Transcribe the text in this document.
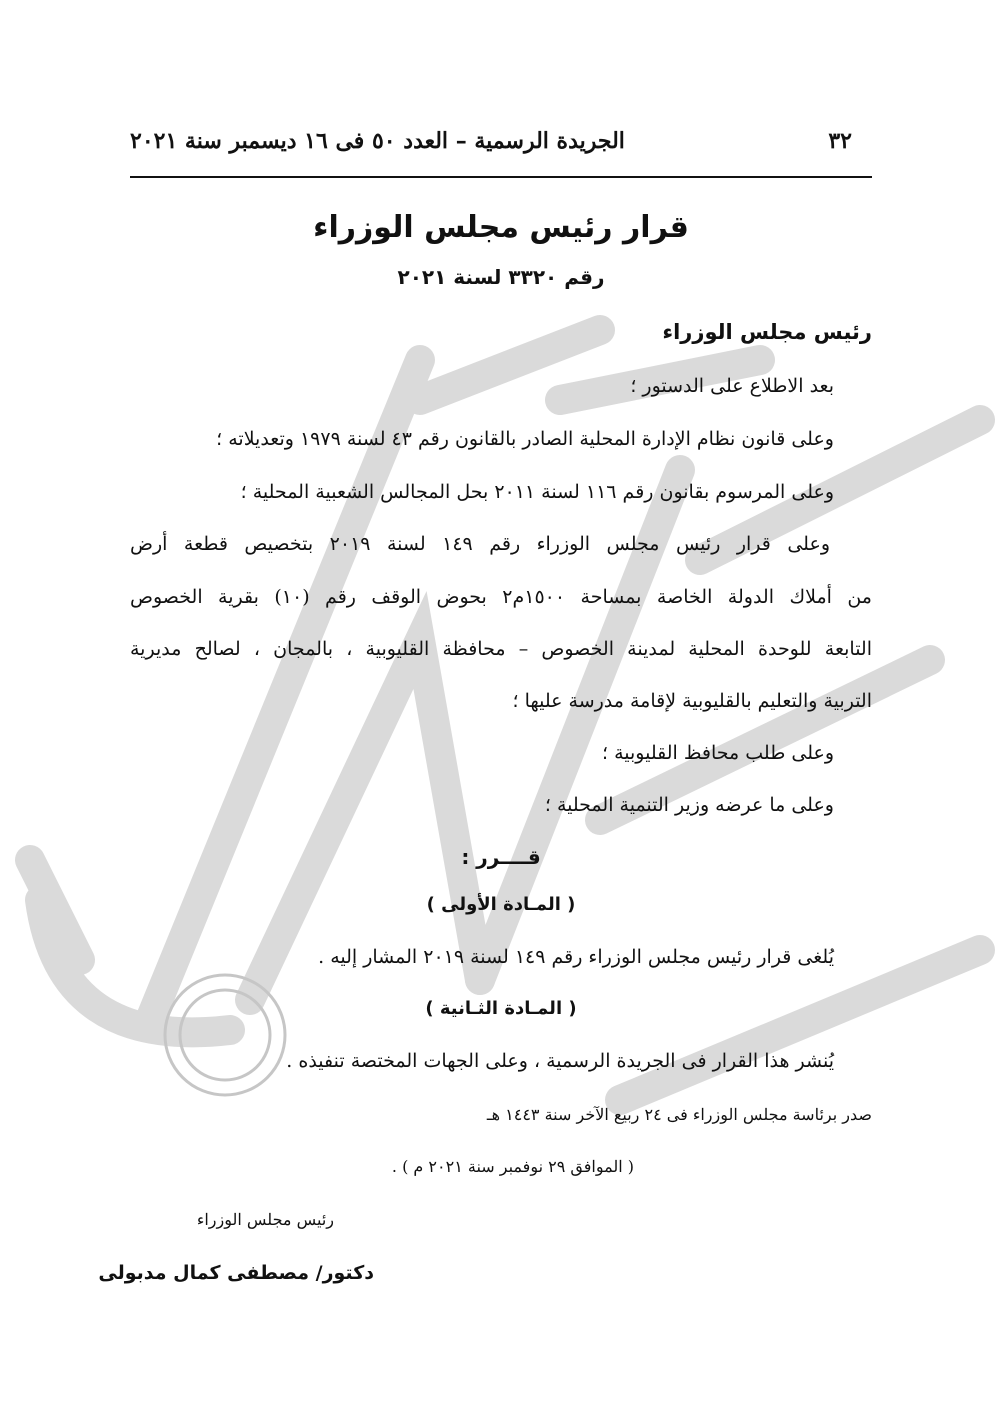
٣٢
الجريدة الرسمية – العدد ٥٠ فى ١٦ ديسمبر سنة ٢٠٢١
قرار رئيس مجلس الوزراء
رقم ٣٣٢٠ لسنة ٢٠٢١
رئيس مجلس الوزراء
بعد الاطلاع على الدستور ؛
وعلى قانون نظام الإدارة المحلية الصادر بالقانون رقم ٤٣ لسنة ١٩٧٩ وتعديلاته ؛
وعلى المرسوم بقانون رقم ١١٦ لسنة ٢٠١١ بحل المجالس الشعبية المحلية ؛
وعلى قرار رئيس مجلس الوزراء رقم ١٤٩ لسنة ٢٠١٩ بتخصيص قطعة أرض
من أملاك الدولة الخاصة بمساحة ١٥٠٠م٢ بحوض الوقف رقم (١٠) بقرية الخصوص
التابعة للوحدة المحلية لمدينة الخصوص – محافظة القليوبية ، بالمجان ، لصالح مديرية
التربية والتعليم بالقليوبية لإقامة مدرسة عليها ؛
وعلى طلب محافظ القليوبية ؛
وعلى ما عرضه وزير التنمية المحلية ؛
قــــرر :
( المـادة الأولى )
يُلغى قرار رئيس مجلس الوزراء رقم ١٤٩ لسنة ٢٠١٩ المشار إليه .
( المـادة الثـانية )
يُنشر هذا القرار فى الجريدة الرسمية ، وعلى الجهات المختصة تنفيذه .
صدر برئاسة مجلس الوزراء فى ٢٤ ربيع الآخر سنة ١٤٤٣ هـ
( الموافق ٢٩ نوفمبر سنة ٢٠٢١ م ) .
رئيس مجلس الوزراء
دكتور/ مصطفى كمال مدبولى
